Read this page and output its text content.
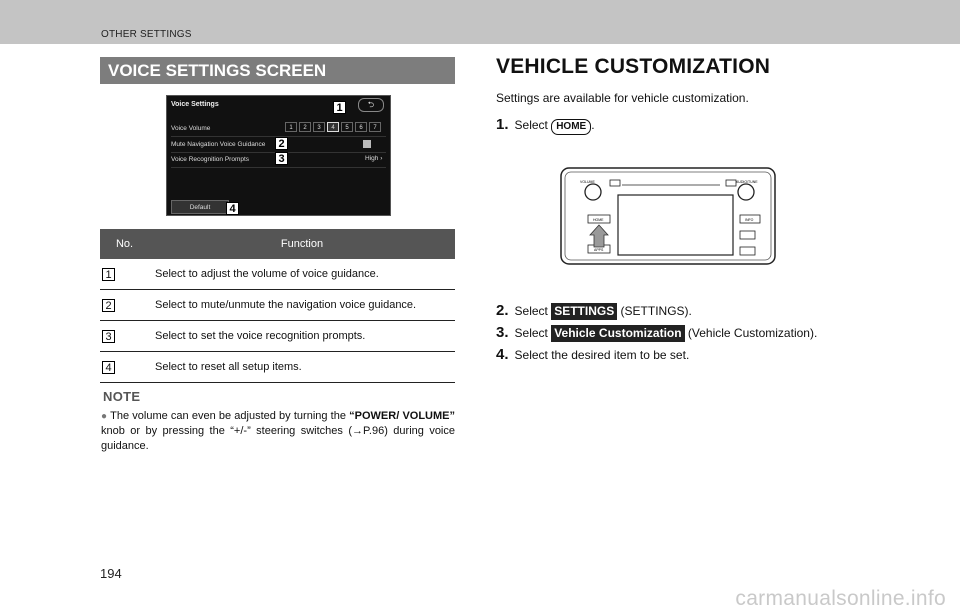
OTHER SETTINGS
VOICE SETTINGS SCREEN
Voice Settings	⮌
Voice Volume
Mute Navigation Voice Guidance
Voice Recognition Prompts
1	2	3	4	5	6	7
High ›
Default
1
2
3
4
No.	Function
1	Select to adjust the volume of voice guidance.
2	Select to mute/unmute the navigation voice guidance.
3	Select to set the voice recognition prompts.
4	Select to reset all setup items.
NOTE
● The volume can even be adjusted by turning the “POWER/ VOLUME” knob or by pressing the “+/-” steering switches (→P.96) during voice guidance.
194
VEHICLE CUSTOMIZATION
Settings are available for vehicle customization.
1. Select HOME .
VOLUME	AUDIO/TUNE
HOME
APPS
INFO
2. Select SETTINGS (SETTINGS).
3. Select Vehicle Customization (Vehicle Customization).
4. Select the desired item to be set.
carmanualsonline.info
